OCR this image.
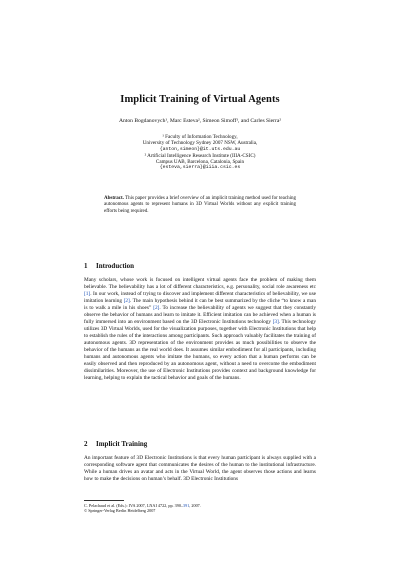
Implicit Training of Virtual Agents
Anton Bogdanovych¹, Marc Esteva², Simeon Simoff¹, and Carles Sierra²
¹ Faculty of Information Technology,
University of Technology Sydney 2007 NSW, Australia,
{anton,simeon}@it.uts.edu.au
² Artificial Intelligence Research Institute (IIIA-CSIC)
Campus UAB, Barcelona, Catalonia, Spain
{esteva,sierra}@iiia.csic.es
Abstract. This paper provides a brief overview of an implicit training method used for teaching autonomous agents to represent humans in 3D Virtual Worlds without any explicit training efforts being required.
1 Introduction

Many scholars, whose work is focused on intelligent virtual agents face the problem of making them believable. The believability has a lot of different characteristics, e.g. personality, social role awareness etc [1]. In our work, instead of trying to discover and implement different characteristics of believability, we use imitation learning [2]. The main hypothesis behind it can be best summarized by the cliche “to know a man is to walk a mile in his shoes” [2]. To increase the believability of agents we suggest that they constantly observe the behavior of humans and learn to imitate it. Efficient imitation can be achieved when a human is fully immersed into an environment based on the 3D Electronic Institutions technology [3]. This technology utilizes 3D Virtual Worlds, used for the visualization purposes, together with Electronic Institutions that help to establish the rules of the interactions among participants. Such approach valuably facilitates the training of autonomous agents. 3D representation of the environment provides as much possibilities to observe the behavior of the humans as the real world does. It assumes similar embodiment for all participants, including humans and autonomous agents who imitate the humans, so every action that a human performs can be easily observed and then reproduced by an autonomous agent, without a need to overcome the embodiment dissimilarities. Moreover, the use of Electronic Institutions provides context and background knowledge for learning, helping to explain the tactical behavior and goals of the humans.

2 Implicit Training

An important feature of 3D Electronic Institutions is that every human participant is always supplied with a corresponding software agent that communicates the desires of the human to the institutional infrastructure. While a human drives an avatar and acts in the Virtual World, the agent observes those actions and learns how to make the decisions on human’s behalf. 3D Electronic Institutions

C. Pelachaud et al. (Eds.): IVA 2007, LNAI 4722, pp. 390–391, 2007.
© Springer-Verlag Berlin Heidelberg 2007
